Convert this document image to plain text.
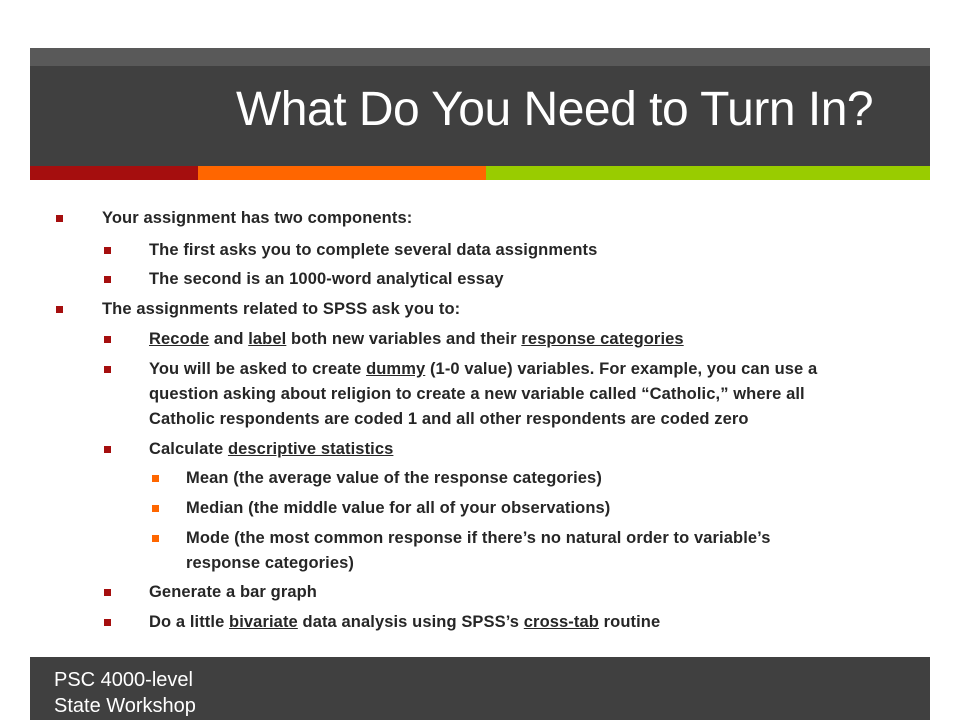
What Do You Need to Turn In?
Your assignment has two components:
The first asks you to complete several data assignments
The second is an 1000-word analytical essay
The assignments related to SPSS ask you to:
Recode and label both new variables and their response categories
You will be asked to create dummy (1-0 value) variables. For example, you can use a
question asking about religion to create a new variable called “Catholic,” where all
Catholic respondents are coded 1 and all other respondents are coded zero
Calculate descriptive statistics
Mean (the average value of the response categories)
Median (the middle value for all of your observations)
Mode (the most common response if there’s no natural order to variable’s
response categories)
Generate a bar graph
Do a little bivariate data analysis using SPSS’s cross-tab routine
PSC 4000-level
State Workshop
